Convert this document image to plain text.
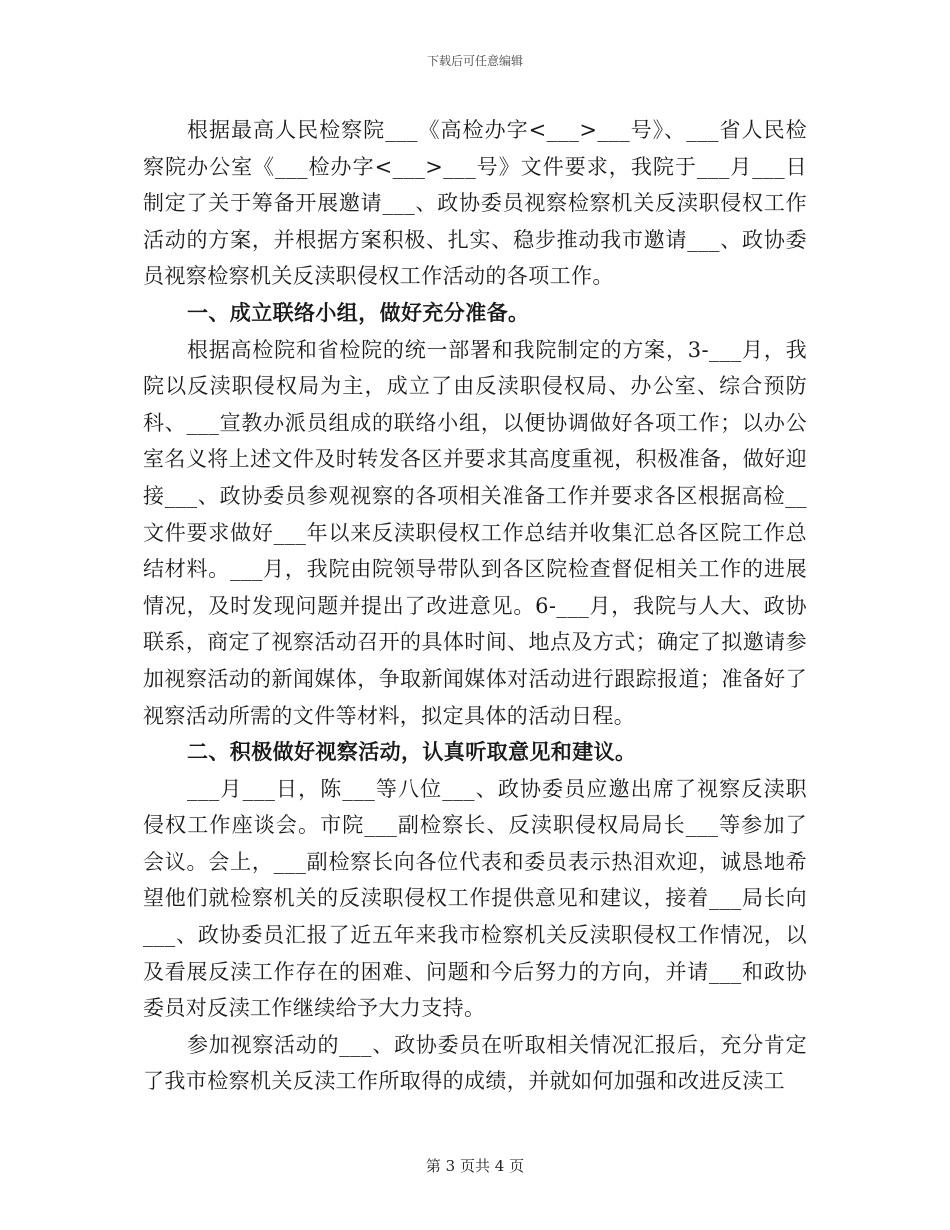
下载后可任意编辑

根据最高人民检察院___《高检办字<___>___号》、___省人民检察院办公室《___检办字<___>___号》文件要求，我院于___月___日制定了关于筹备开展邀请___、政协委员视察检察机关反渎职侵权工作活动的方案，并根据方案积极、扎实、稳步推动我市邀请___、政协委员视察检察机关反渎职侵权工作活动的各项工作。

一、成立联络小组，做好充分准备。

根据高检院和省检院的统一部署和我院制定的方案，3-___月，我院以反渎职侵权局为主，成立了由反渎职侵权局、办公室、综合预防科、___宣教办派员组成的联络小组，以便协调做好各项工作；以办公室名义将上述文件及时转发各区并要求其高度重视，积极准备，做好迎接___、政协委员参观视察的各项相关准备工作并要求各区根据高检__文件要求做好___年以来反渎职侵权工作总结并收集汇总各区院工作总结材料。___月，我院由院领导带队到各区院检查督促相关工作的进展情况，及时发现问题并提出了改进意见。6-___月，我院与人大、政协联系，商定了视察活动召开的具体时间、地点及方式；确定了拟邀请参加视察活动的新闻媒体，争取新闻媒体对活动进行跟踪报道；准备好了视察活动所需的文件等材料，拟定具体的活动日程。

二、积极做好视察活动，认真听取意见和建议。

___月___日，陈___等八位___、政协委员应邀出席了视察反渎职侵权工作座谈会。市院___副检察长、反渎职侵权局局长___等参加了会议。会上，___副检察长向各位代表和委员表示热泪欢迎，诚恳地希望他们就检察机关的反渎职侵权工作提供意见和建议，接着___局长向___、政协委员汇报了近五年来我市检察机关反渎职侵权工作情况，以及看展反渎工作存在的困难、问题和今后努力的方向，并请___和政协委员对反渎工作继续给予大力支持。

参加视察活动的___、政协委员在听取相关情况汇报后，充分肯定了我市检察机关反渎工作所取得的成绩，并就如何加强和改进反渎工

第 3 页共 4 页
